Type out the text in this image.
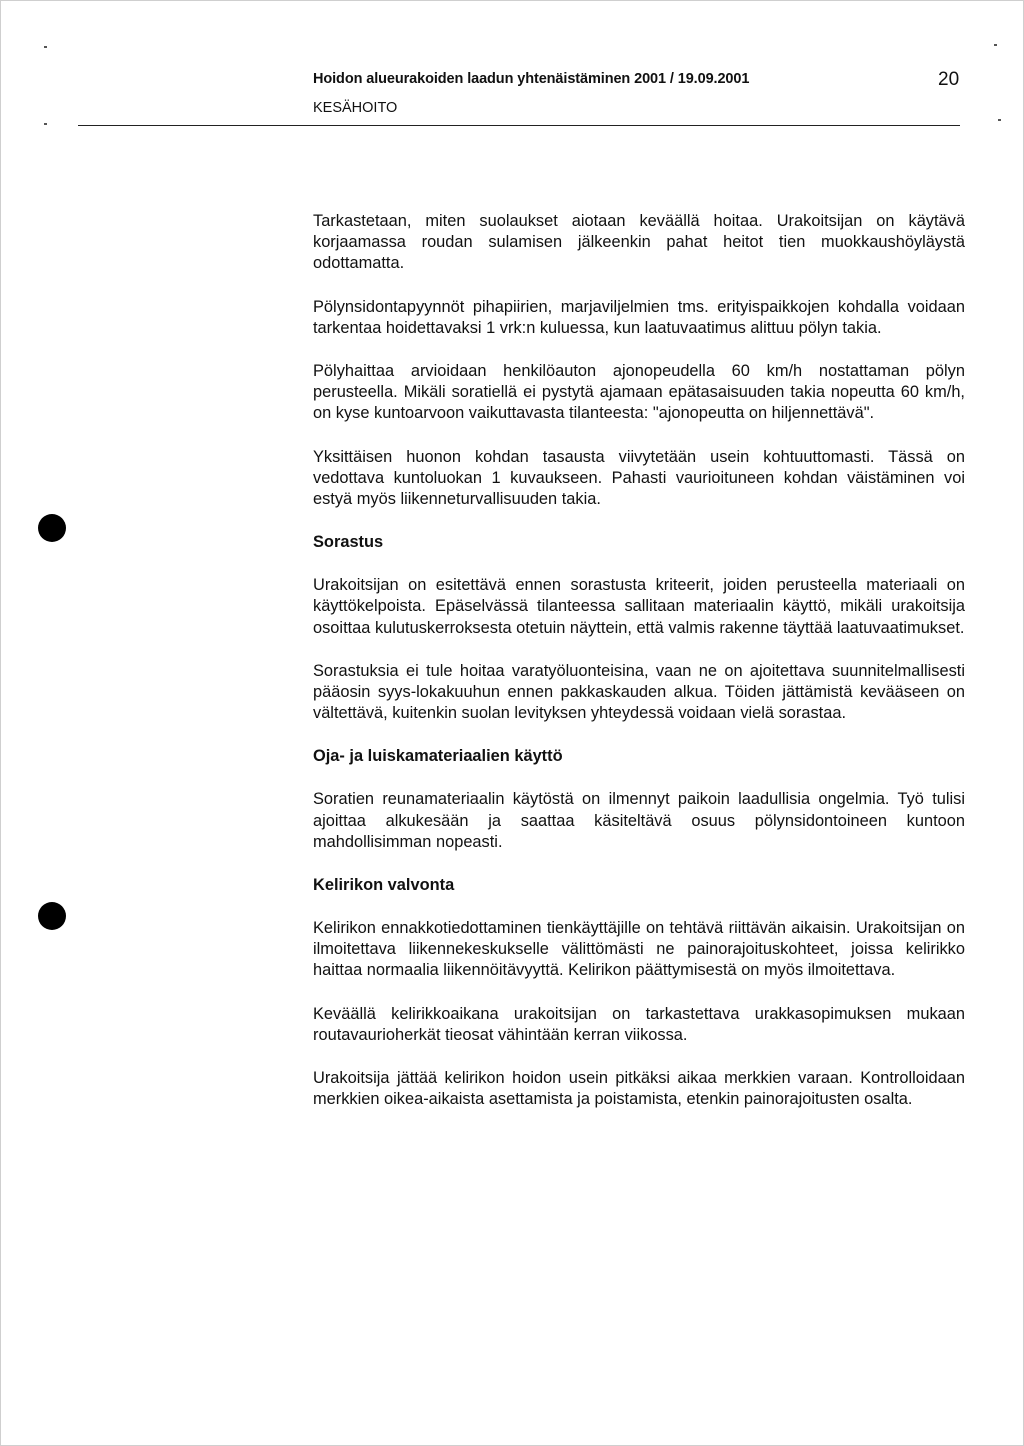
Hoidon alueurakoiden laadun yhtenäistäminen 2001 / 19.09.2001
KESÄHOITO
20

Tarkastetaan, miten suolaukset aiotaan keväällä hoitaa. Urakoitsijan on käytävä korjaamassa roudan sulamisen jälkeenkin pahat heitot tien muokkaushöyläystä odottamatta.

Pölynsidontapyynnöt pihapiirien, marjaviljelmien tms. erityispaikkojen kohdalla voidaan tarkentaa hoidettavaksi 1 vrk:n kuluessa, kun laatuvaatimus alittuu pölyn takia.

Pölyhaittaa arvioidaan henkilöauton ajonopeudella 60 km/h nostattaman pölyn perusteella. Mikäli soratiellä ei pystytä ajamaan epätasaisuuden takia nopeutta 60 km/h, on kyse kuntoarvoon vaikuttavasta tilanteesta: "ajonopeutta on hiljennettävä".

Yksittäisen huonon kohdan tasausta viivytetään usein kohtuuttomasti. Tässä on vedottava kuntoluokan 1 kuvaukseen. Pahasti vaurioituneen kohdan väistäminen voi estyä myös liikenneturvallisuuden takia.

Sorastus

Urakoitsijan on esitettävä ennen sorastusta kriteerit, joiden perusteella materiaali on käyttökelpoista. Epäselvässä tilanteessa sallitaan materiaalin käyttö, mikäli urakoitsija osoittaa kulutuskerroksesta otetuin näyttein, että valmis rakenne täyttää laatuvaatimukset.

Sorastuksia ei tule hoitaa varatyöluonteisina, vaan ne on ajoitettava suunnitelmallisesti pääosin syys-lokakuuhun ennen pakkaskauden alkua. Töiden jättämistä kevääseen on vältettävä, kuitenkin suolan levityksen yhteydessä voidaan vielä sorastaa.

Oja- ja luiskamateriaalien käyttö

Soratien reunamateriaalin käytöstä on ilmennyt paikoin laadullisia ongelmia. Työ tulisi ajoittaa alkukesään ja saattaa käsiteltävä osuus pölynsidontoineen kuntoon mahdollisimman nopeasti.

Kelirikon valvonta

Kelirikon ennakkotiedottaminen tienkäyttäjille on tehtävä riittävän aikaisin. Urakoitsijan on ilmoitettava liikennekeskukselle välittömästi ne painorajoituskohteet, joissa kelirikko haittaa normaalia liikennöitävyyttä. Kelirikon päättymisestä on myös ilmoitettava.

Keväällä kelirikkoaikana urakoitsijan on tarkastettava urakkasopimuksen mukaan routavaurioherkät tieosat vähintään kerran viikossa.

Urakoitsija jättää kelirikon hoidon usein pitkäksi aikaa merkkien varaan. Kontrolloidaan merkkien oikea-aikaista asettamista ja poistamista, etenkin painorajoitusten osalta.
